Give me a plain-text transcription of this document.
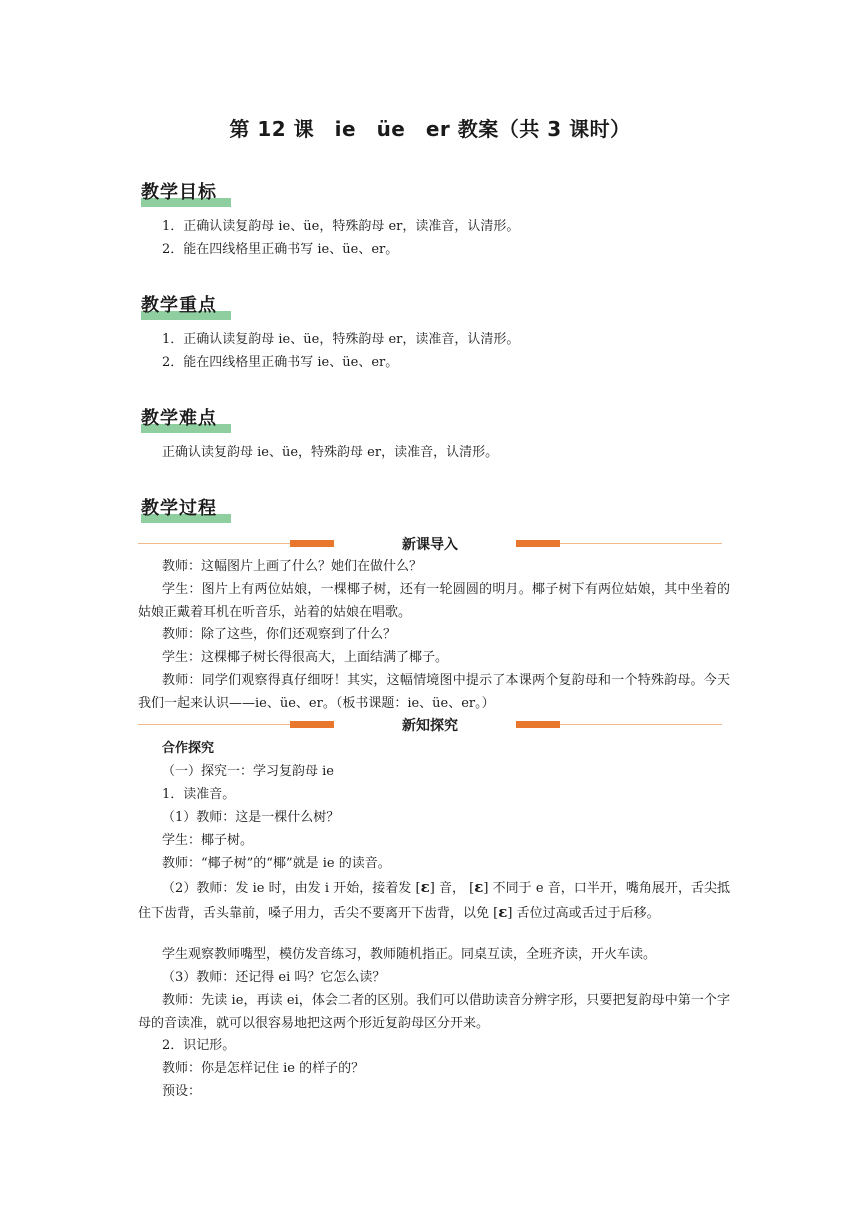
第 12 课　ie　üe　er 教案（共 3 课时）
教学目标

1．正确认读复韵母 ie、üe，特殊韵母 er，读准音，认清形。

2．能在四线格里正确书写 ie、üe、er。

教学重点

1．正确认读复韵母 ie、üe，特殊韵母 er，读准音，认清形。

2．能在四线格里正确书写 ie、üe、er。

教学难点

正确认读复韵母 ie、üe，特殊韵母 er，读准音，认清形。

教学过程
新课导入

教师：这幅图片上画了什么？她们在做什么？

学生：图片上有两位姑娘，一棵椰子树，还有一轮圆圆的明月。椰子树下有两位姑娘，其中坐着的姑娘正戴着耳机在听音乐，站着的姑娘在唱歌。

教师：除了这些，你们还观察到了什么？

学生：这棵椰子树长得很高大，上面结满了椰子。

教师：同学们观察得真仔细呀！其实，这幅情境图中提示了本课两个复韵母和一个特殊韵母。今天我们一起来认识——ie、üe、er。（板书课题：ie、üe、er。）

新知探究

合作探究

（一）探究一：学习复韵母 ie

1．读准音。

（1）教师：这是一棵什么树？

学生：椰子树。

教师：“椰子树”的“椰”就是 ie 的读音。

（2）教师：发 ie 时，由发 i 开始，接着发 [ɛ] 音， [ɛ] 不同于 e 音，口半开，嘴角展开，舌尖抵住下齿背，舌头靠前，嗓子用力，舌尖不要离开下齿背，以免 [ɛ] 舌位过高或舌过于后移。

学生观察教师嘴型，模仿发音练习，教师随机指正。同桌互读，全班齐读，开火车读。

（3）教师：还记得 ei 吗？它怎么读？

教师：先读 ie，再读 ei，体会二者的区别。我们可以借助读音分辨字形，只要把复韵母中第一个字母的音读准，就可以很容易地把这两个形近复韵母区分开来。

2．识记形。

教师：你是怎样记住 ie 的样子的？

预设：
